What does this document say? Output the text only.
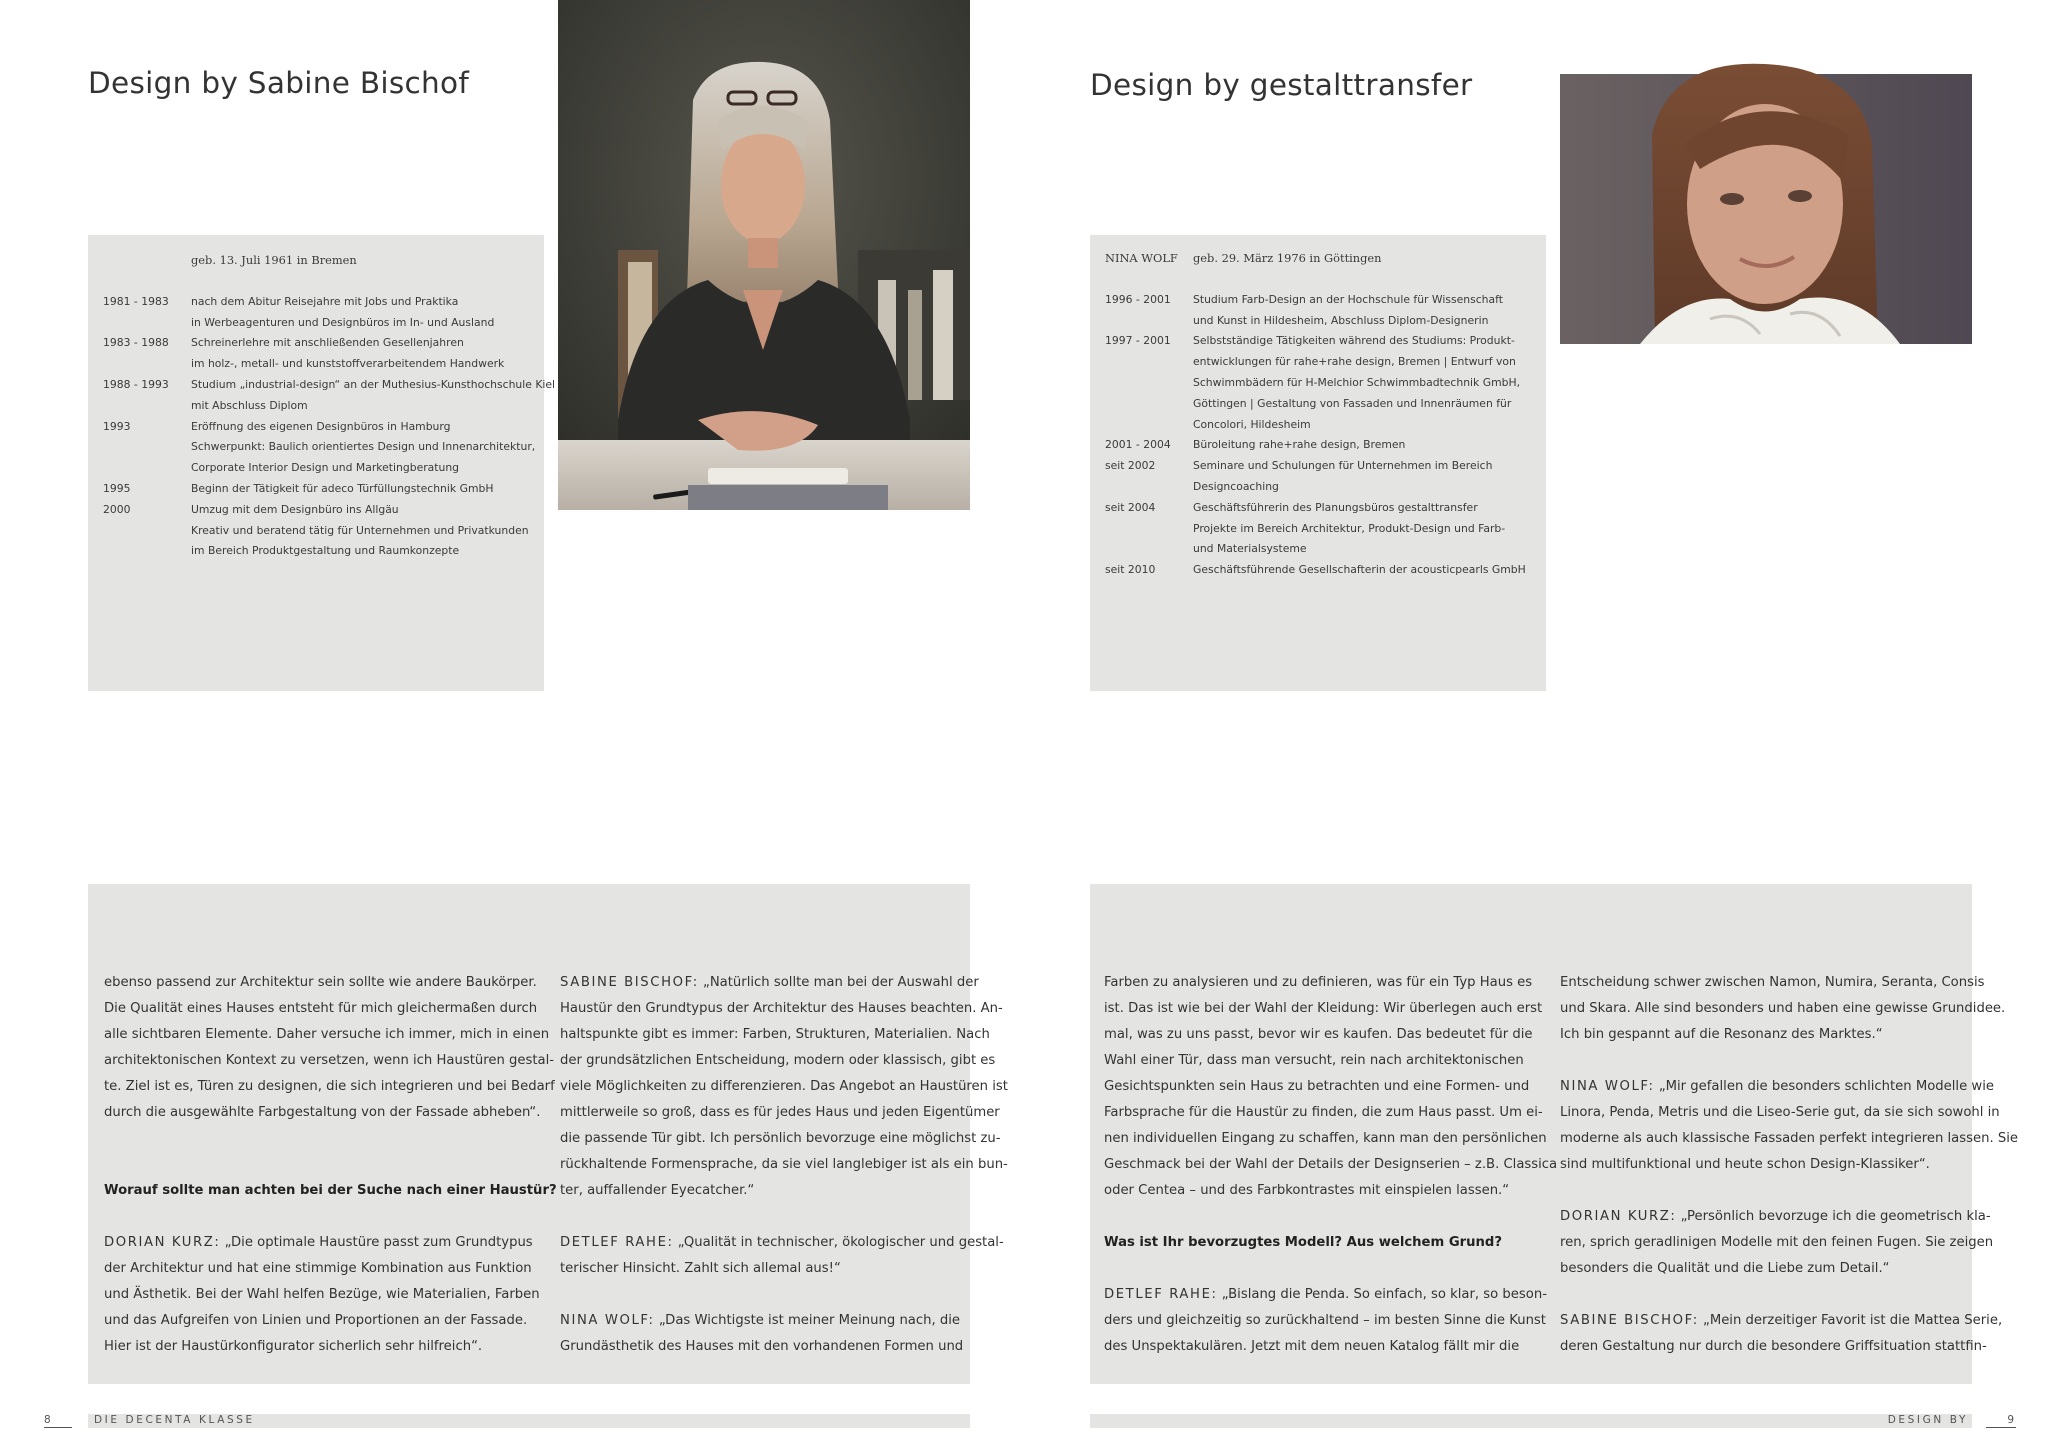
Design by Sabine Bischof
geb. 13. Juli 1961 in Bremen
1981 - 1983	nach dem Abitur Reisejahre mit Jobs und Praktika
in Werbeagenturen und Designbüros im In- und Ausland
1983 - 1988	Schreinerlehre mit anschließenden Gesellenjahren
im holz-, metall- und kunststoffverarbeitendem Handwerk
1988 - 1993	Studium „industrial-design“ an der Muthesius-Kunsthochschule Kiel
mit Abschluss Diplom
1993	Eröffnung des eigenen Designbüros in Hamburg
Schwerpunkt: Baulich orientiertes Design und Innenarchitektur,
Corporate Interior Design und Marketingberatung
1995	Beginn der Tätigkeit für adeco Türfüllungstechnik GmbH
2000	Umzug mit dem Designbüro ins Allgäu
Kreativ und beratend tätig für Unternehmen und Privatkunden
im Bereich Produktgestaltung und Raumkonzepte

ebenso passend zur Architektur sein sollte wie andere Baukörper.

Die Qualität eines Hauses entsteht für mich gleichermaßen durch

alle sichtbaren Elemente. Daher versuche ich immer, mich in einen

architektonischen Kontext zu versetzen, wenn ich Haustüren gestal-

te. Ziel ist es, Türen zu designen, die sich integrieren und bei Bedarf

durch die ausgewählte Farbgestaltung von der Fassade abheben“.

Worauf sollte man achten bei der Suche nach einer Haustür?

DORIAN KURZ: „Die optimale Haustüre passt zum Grundtypus

der Architektur und hat eine stimmige Kombination aus Funktion

und Ästhetik. Bei der Wahl helfen Bezüge, wie Materialien, Farben

und das Aufgreifen von Linien und Proportionen an der Fassade.

Hier ist der Haustürkonfigurator sicherlich sehr hilfreich“.

SABINE BISCHOF: „Natürlich sollte man bei der Auswahl der

Haustür den Grundtypus der Architektur des Hauses beachten. An-

haltspunkte gibt es immer: Farben, Strukturen, Materialien. Nach

der grundsätzlichen Entscheidung, modern oder klassisch, gibt es

viele Möglichkeiten zu differenzieren. Das Angebot an Haustüren ist

mittlerweile so groß, dass es für jedes Haus und jeden Eigentümer

die passende Tür gibt. Ich persönlich bevorzuge eine möglichst zu-

rückhaltende Formensprache, da sie viel langlebiger ist als ein bun-

ter, auffallender Eyecatcher.“

DETLEF RAHE: „Qualität in technischer, ökologischer und gestal-

terischer Hinsicht. Zahlt sich allemal aus!“

NINA WOLF: „Das Wichtigste ist meiner Meinung nach, die

Grundästhetik des Hauses mit den vorhandenen Formen und

8	DIE DECENTA KLASSE
Design by gestalttransfer
NINA WOLF	geb. 29. März 1976 in Göttingen
1996 - 2001	Studium Farb-Design an der Hochschule für Wissenschaft
und Kunst in Hildesheim, Abschluss Diplom-Designerin
1997 - 2001	Selbstständige Tätigkeiten während des Studiums: Produkt-
entwicklungen für rahe+rahe design, Bremen | Entwurf von
Schwimmbädern für H-Melchior Schwimmbadtechnik GmbH,
Göttingen | Gestaltung von Fassaden und Innenräumen für
Concolori, Hildesheim
2001 - 2004	Büroleitung rahe+rahe design, Bremen
seit 2002	Seminare und Schulungen für Unternehmen im Bereich
Designcoaching
seit 2004	Geschäftsführerin des Planungsbüros gestalttransfer
Projekte im Bereich Architektur, Produkt-Design und Farb-
und Materialsysteme
seit 2010	Geschäftsführende Gesellschafterin der acousticpearls GmbH

Farben zu analysieren und zu definieren, was für ein Typ Haus es

ist. Das ist wie bei der Wahl der Kleidung: Wir überlegen auch erst

mal, was zu uns passt, bevor wir es kaufen. Das bedeutet für die

Wahl einer Tür, dass man versucht, rein nach architektonischen

Gesichtspunkten sein Haus zu betrachten und eine Formen- und

Farbsprache für die Haustür zu finden, die zum Haus passt. Um ei-

nen individuellen Eingang zu schaffen, kann man den persönlichen

Geschmack bei der Wahl der Details der Designserien – z.B. Classica

oder Centea – und des Farbkontrastes mit einspielen lassen.“

Was ist Ihr bevorzugtes Modell? Aus welchem Grund?

DETLEF RAHE: „Bislang die Penda. So einfach, so klar, so beson-

ders und gleichzeitig so zurückhaltend – im besten Sinne die Kunst

des Unspektakulären. Jetzt mit dem neuen Katalog fällt mir die

Entscheidung schwer zwischen Namon, Numira, Seranta, Consis

und Skara. Alle sind besonders und haben eine gewisse Grundidee.

Ich bin gespannt auf die Resonanz des Marktes.“

NINA WOLF: „Mir gefallen die besonders schlichten Modelle wie

Linora, Penda, Metris und die Liseo-Serie gut, da sie sich sowohl in

moderne als auch klassische Fassaden perfekt integrieren lassen. Sie

sind multifunktional und heute schon Design-Klassiker“.

DORIAN KURZ: „Persönlich bevorzuge ich die geometrisch kla-

ren, sprich geradlinigen Modelle mit den feinen Fugen. Sie zeigen

besonders die Qualität und die Liebe zum Detail.“

SABINE BISCHOF: „Mein derzeitiger Favorit ist die Mattea Serie,

deren Gestaltung nur durch die besondere Griffsituation stattfin-

DESIGN BY	9
